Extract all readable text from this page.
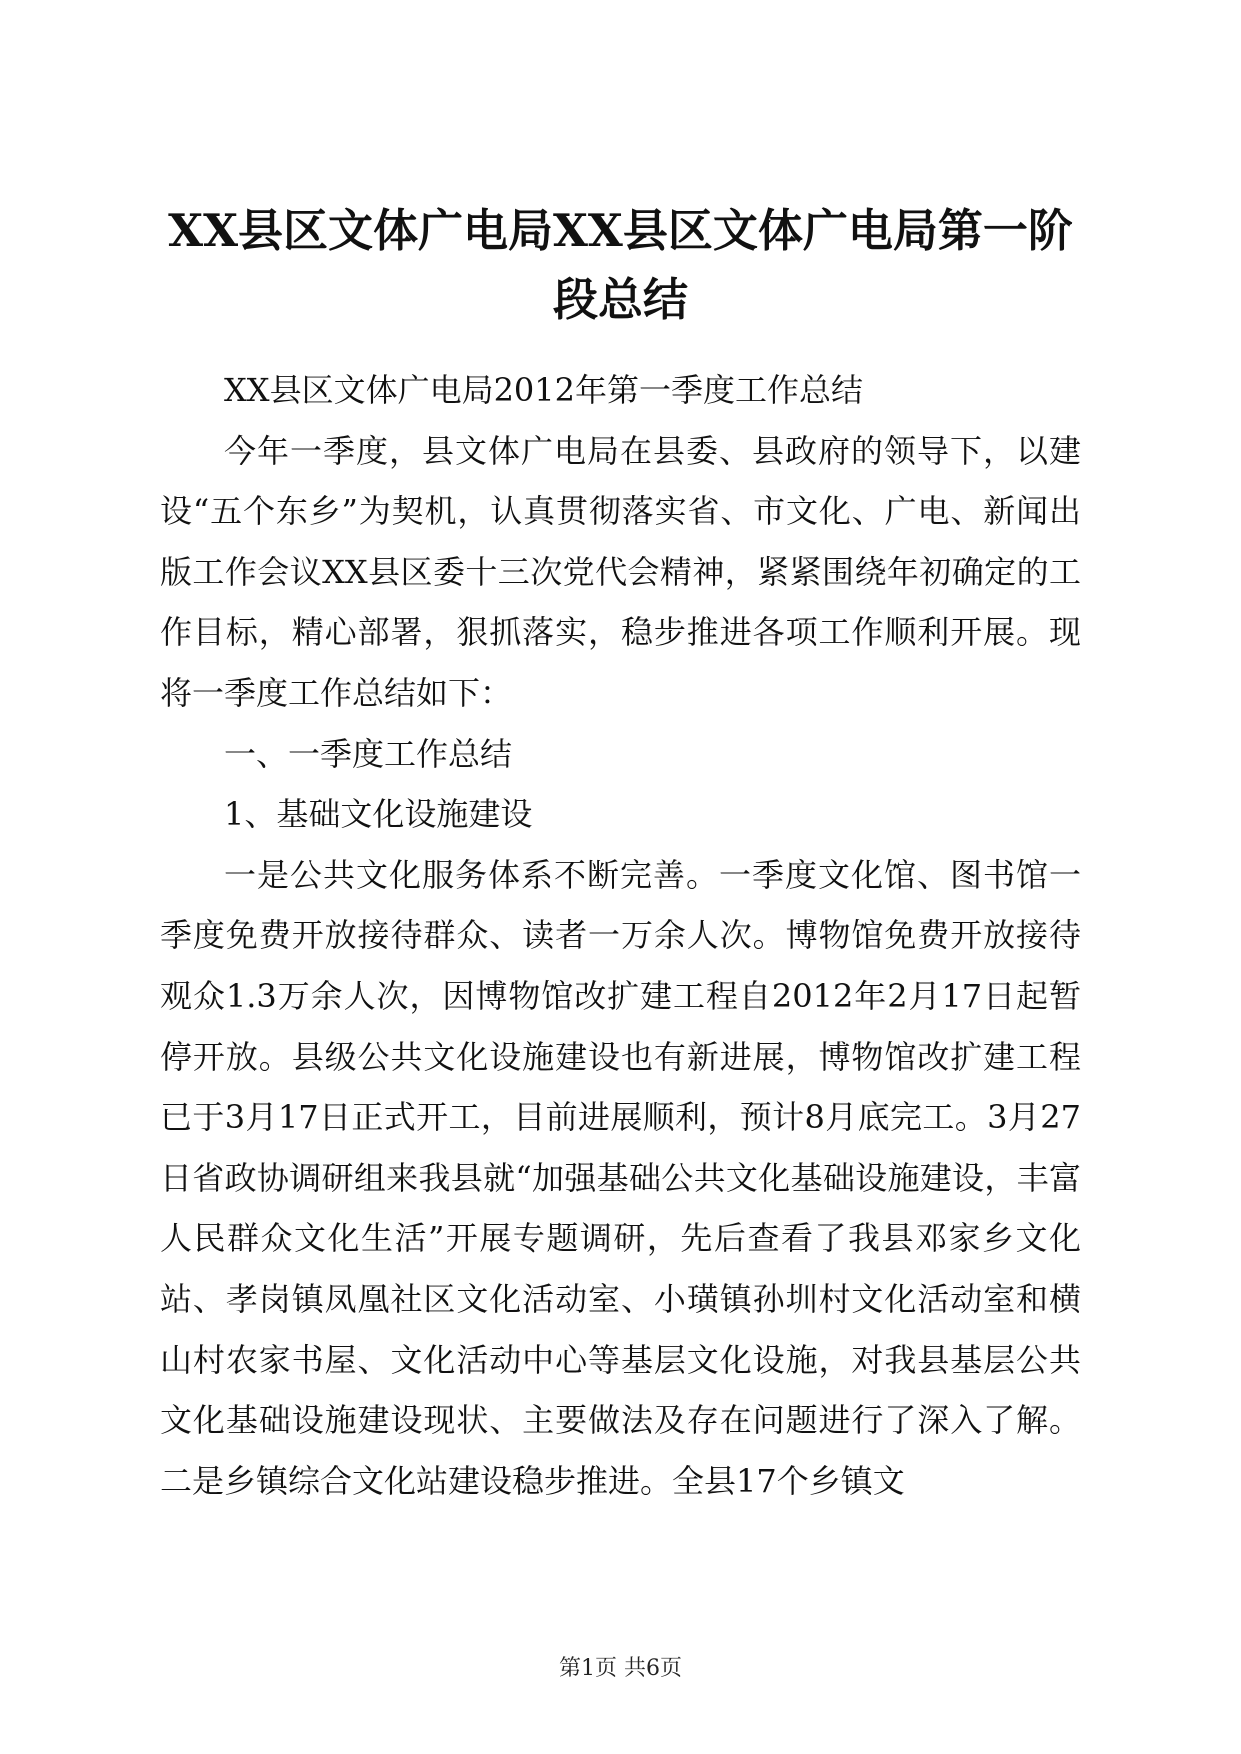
XX县区文体广电局XX县区文体广电局第一阶段总结

XX县区文体广电局2012年第一季度工作总结

今年一季度，县文体广电局在县委、县政府的领导下，以建设“五个东乡”为契机，认真贯彻落实省、市文化、广电、新闻出版工作会议XX县区委十三次党代会精神，紧紧围绕年初确定的工作目标，精心部署，狠抓落实，稳步推进各项工作顺利开展。现将一季度工作总结如下：

一、一季度工作总结

1、基础文化设施建设

一是公共文化服务体系不断完善。一季度文化馆、图书馆一季度免费开放接待群众、读者一万余人次。博物馆免费开放接待观众1.3万余人次，因博物馆改扩建工程自2012年2月17日起暂停开放。县级公共文化设施建设也有新进展，博物馆改扩建工程已于3月17日正式开工，目前进展顺利，预计8月底完工。3月27日省政协调研组来我县就“加强基础公共文化基础设施建设，丰富人民群众文化生活”开展专题调研，先后查看了我县邓家乡文化站、孝岗镇凤凰社区文化活动室、小璜镇孙圳村文化活动室和横山村农家书屋、文化活动中心等基层文化设施，对我县基层公共文化基础设施建设现状、主要做法及存在问题进行了深入了解。二是乡镇综合文化站建设稳步推进。全县17个乡镇文

第1页 共6页
